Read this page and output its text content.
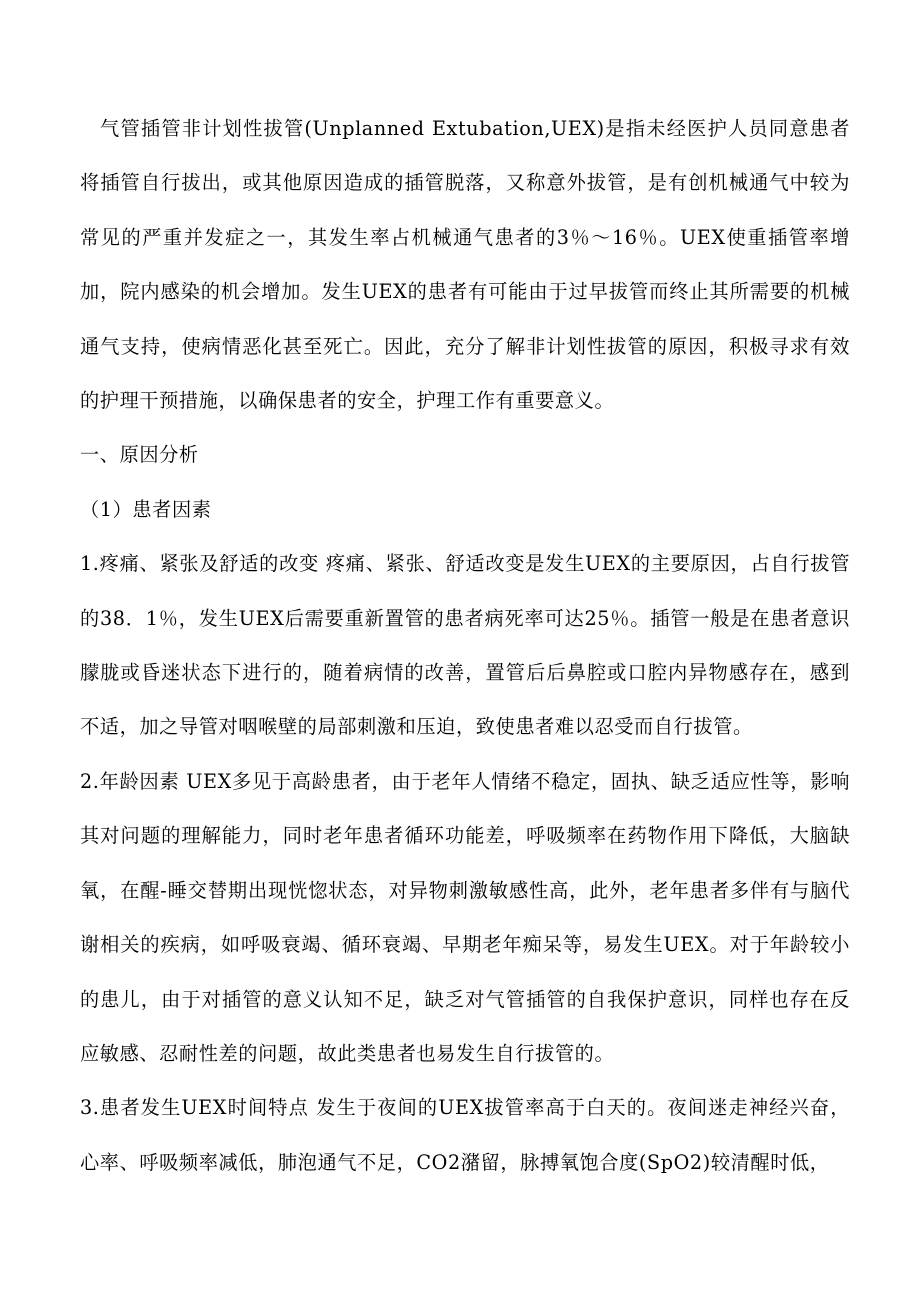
气管插管非计划性拔管(Unplanned Extubation,UEX)是指未经医护人员同意患者将插管自行拔出，或其他原因造成的插管脱落，又称意外拔管，是有创机械通气中较为常见的严重并发症之一，其发生率占机械通气患者的3％～16％。UEX使重插管率增加，院内感染的机会增加。发生UEX的患者有可能由于过早拔管而终止其所需要的机械通气支持，使病情恶化甚至死亡。因此，充分了解非计划性拔管的原因，积极寻求有效的护理干预措施，以确保患者的安全，护理工作有重要意义。

一、原因分析

（1）患者因素

1.疼痛、紧张及舒适的改变 疼痛、紧张、舒适改变是发生UEX的主要原因，占自行拔管的38．1％，发生UEX后需要重新置管的患者病死率可达25％。插管一般是在患者意识朦胧或昏迷状态下进行的，随着病情的改善，置管后后鼻腔或口腔内异物感存在，感到不适，加之导管对咽喉壁的局部刺激和压迫，致使患者难以忍受而自行拔管。

2.年龄因素 UEX多见于高龄患者，由于老年人情绪不稳定，固执、缺乏适应性等，影响其对问题的理解能力，同时老年患者循环功能差，呼吸频率在药物作用下降低，大脑缺氧，在醒-睡交替期出现恍惚状态，对异物刺激敏感性高，此外，老年患者多伴有与脑代谢相关的疾病，如呼吸衰竭、循环衰竭、早期老年痴呆等，易发生UEX。对于年龄较小的患儿，由于对插管的意义认知不足，缺乏对气管插管的自我保护意识，同样也存在反应敏感、忍耐性差的问题，故此类患者也易发生自行拔管的。

3.患者发生UEX时间特点 发生于夜间的UEX拔管率高于白天的。夜间迷走神经兴奋，心率、呼吸频率减低，肺泡通气不足，CO2潴留，脉搏氧饱合度(SpO2)较清醒时低，
